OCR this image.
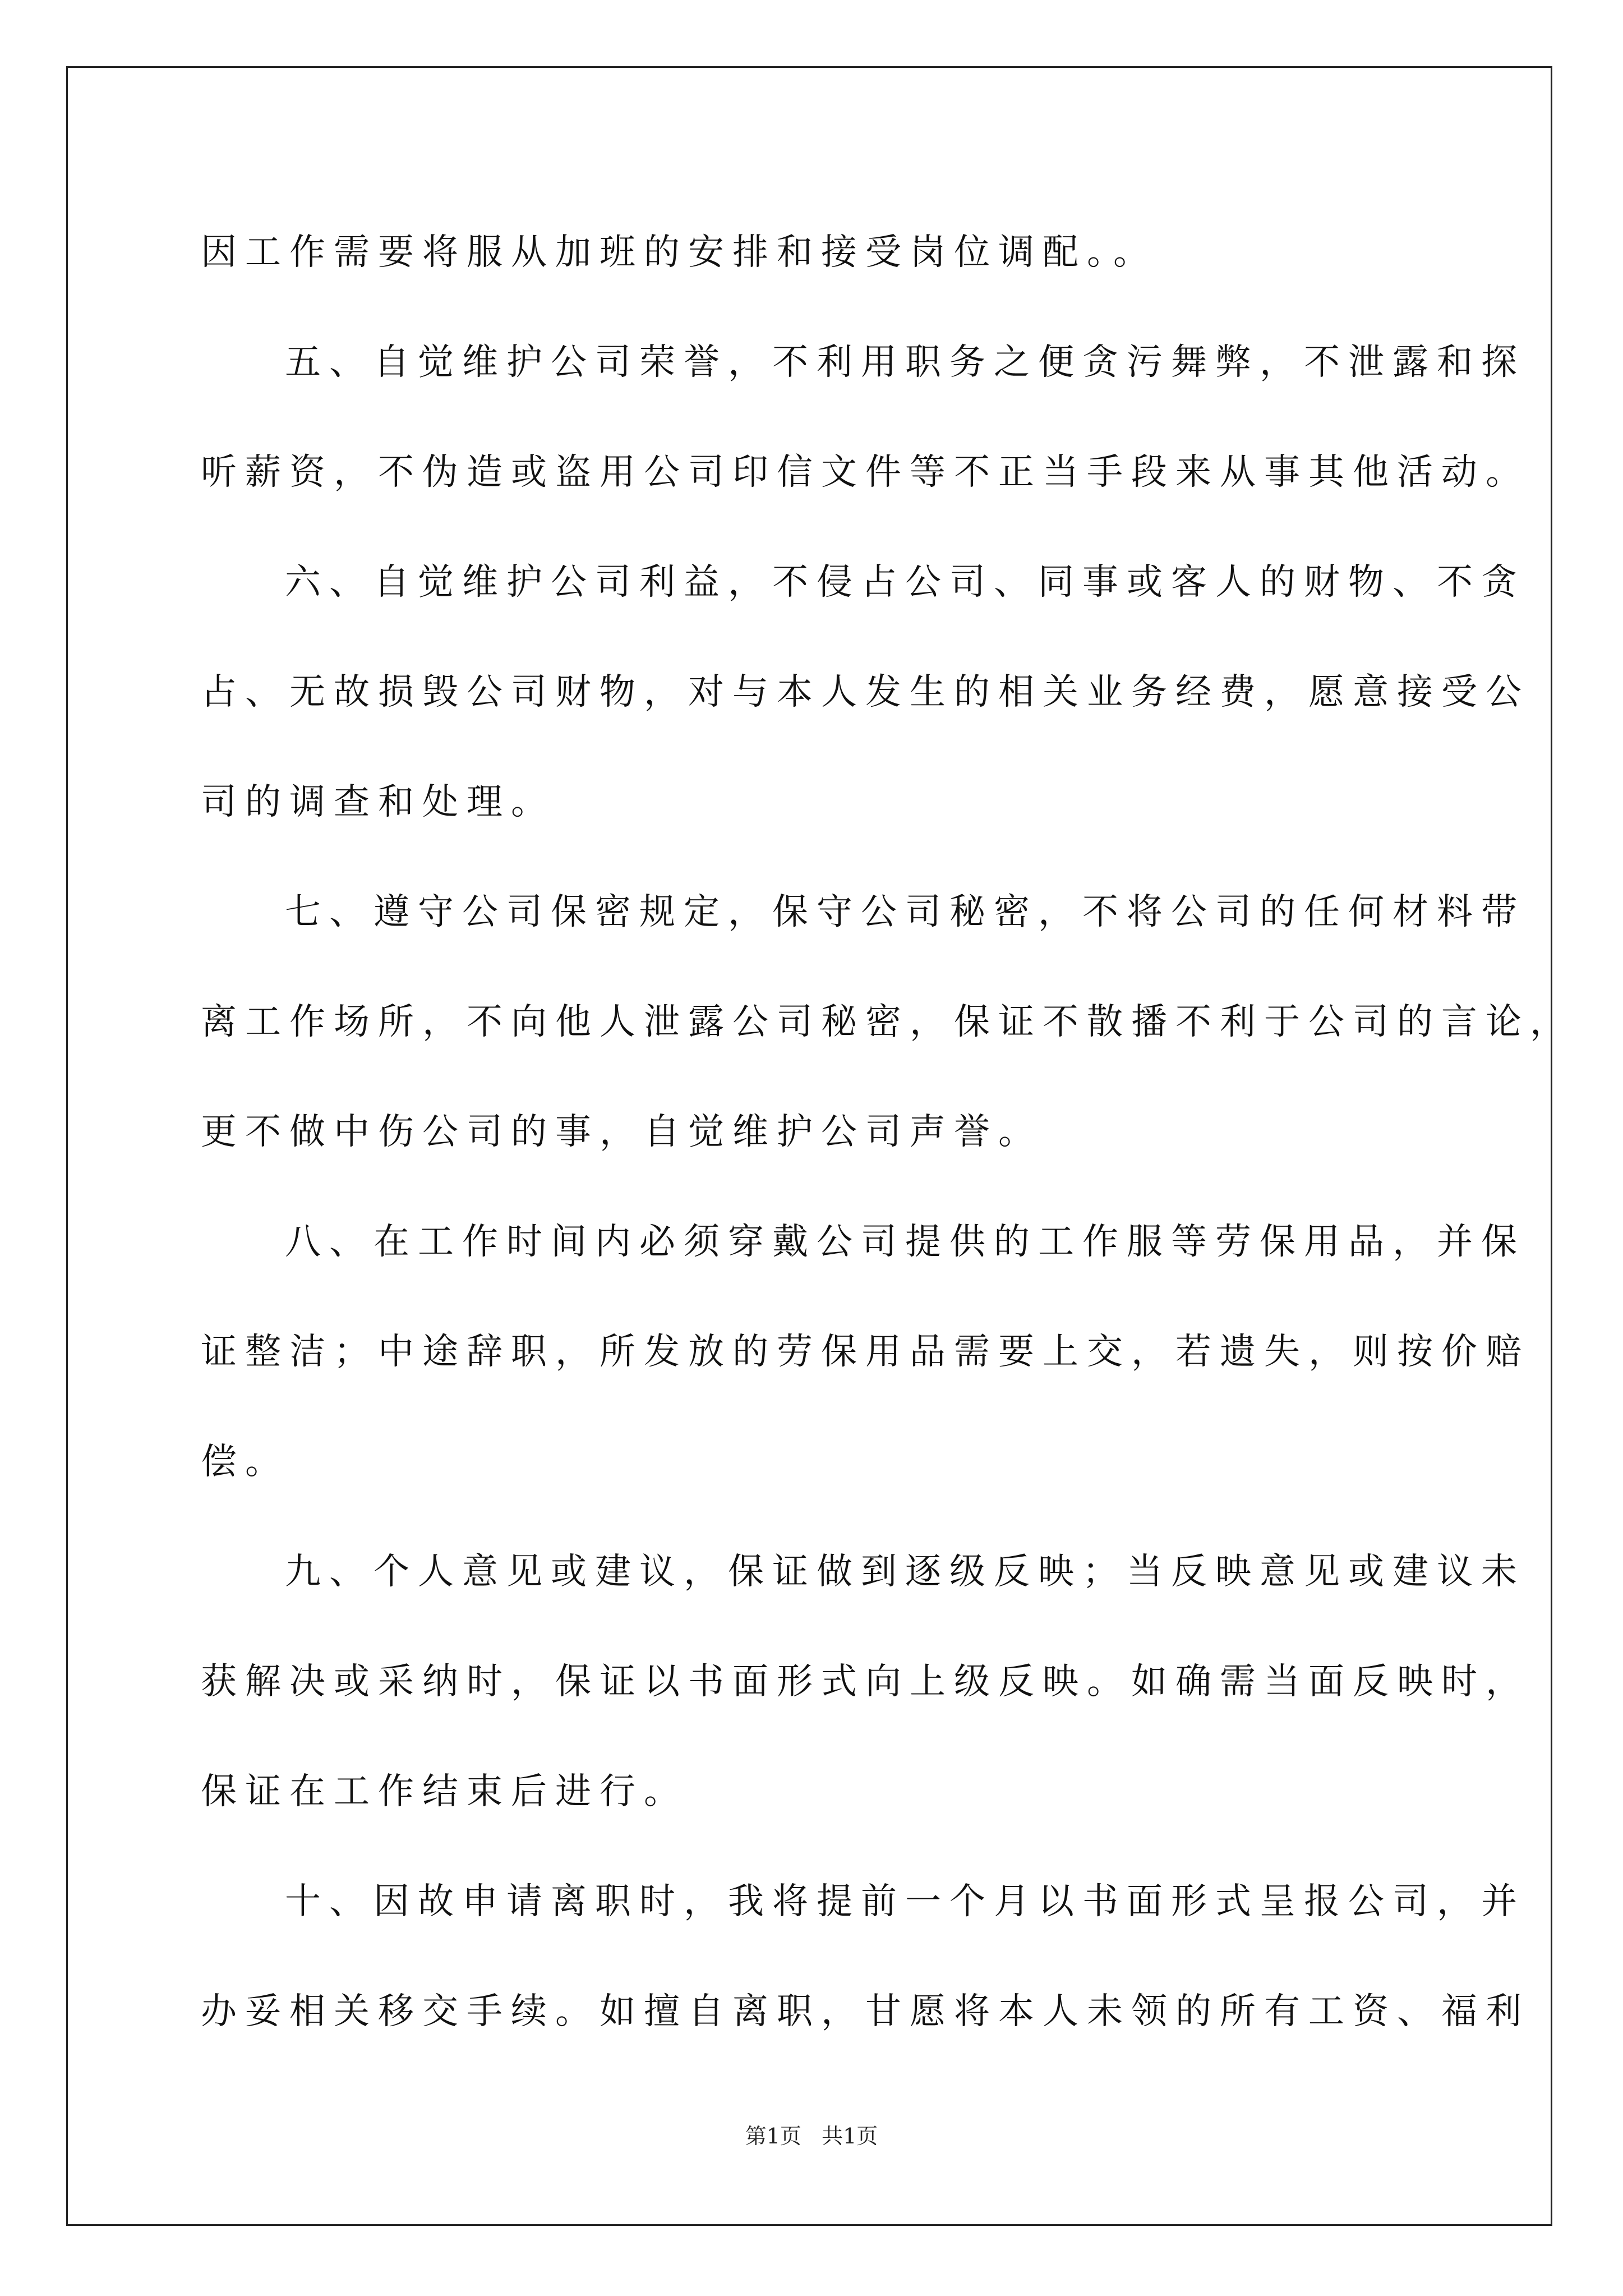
因工作需要将服从加班的安排和接受岗位调配。。
五、自觉维护公司荣誉，不利用职务之便贪污舞弊，不泄露和探
听薪资，不伪造或盗用公司印信文件等不正当手段来从事其他活动。
六、自觉维护公司利益，不侵占公司、同事或客人的财物、不贪
占、无故损毁公司财物，对与本人发生的相关业务经费，愿意接受公
司的调查和处理。
七、遵守公司保密规定，保守公司秘密，不将公司的任何材料带
离工作场所，不向他人泄露公司秘密，保证不散播不利于公司的言论，
更不做中伤公司的事，自觉维护公司声誉。
八、在工作时间内必须穿戴公司提供的工作服等劳保用品，并保
证整洁；中途辞职，所发放的劳保用品需要上交，若遗失，则按价赔
偿。
九、个人意见或建议，保证做到逐级反映；当反映意见或建议未
获解决或采纳时，保证以书面形式向上级反映。如确需当面反映时，
保证在工作结束后进行。
十、因故申请离职时，我将提前一个月以书面形式呈报公司，并
办妥相关移交手续。如擅自离职，甘愿将本人未领的所有工资、福利
第1页   共1页
